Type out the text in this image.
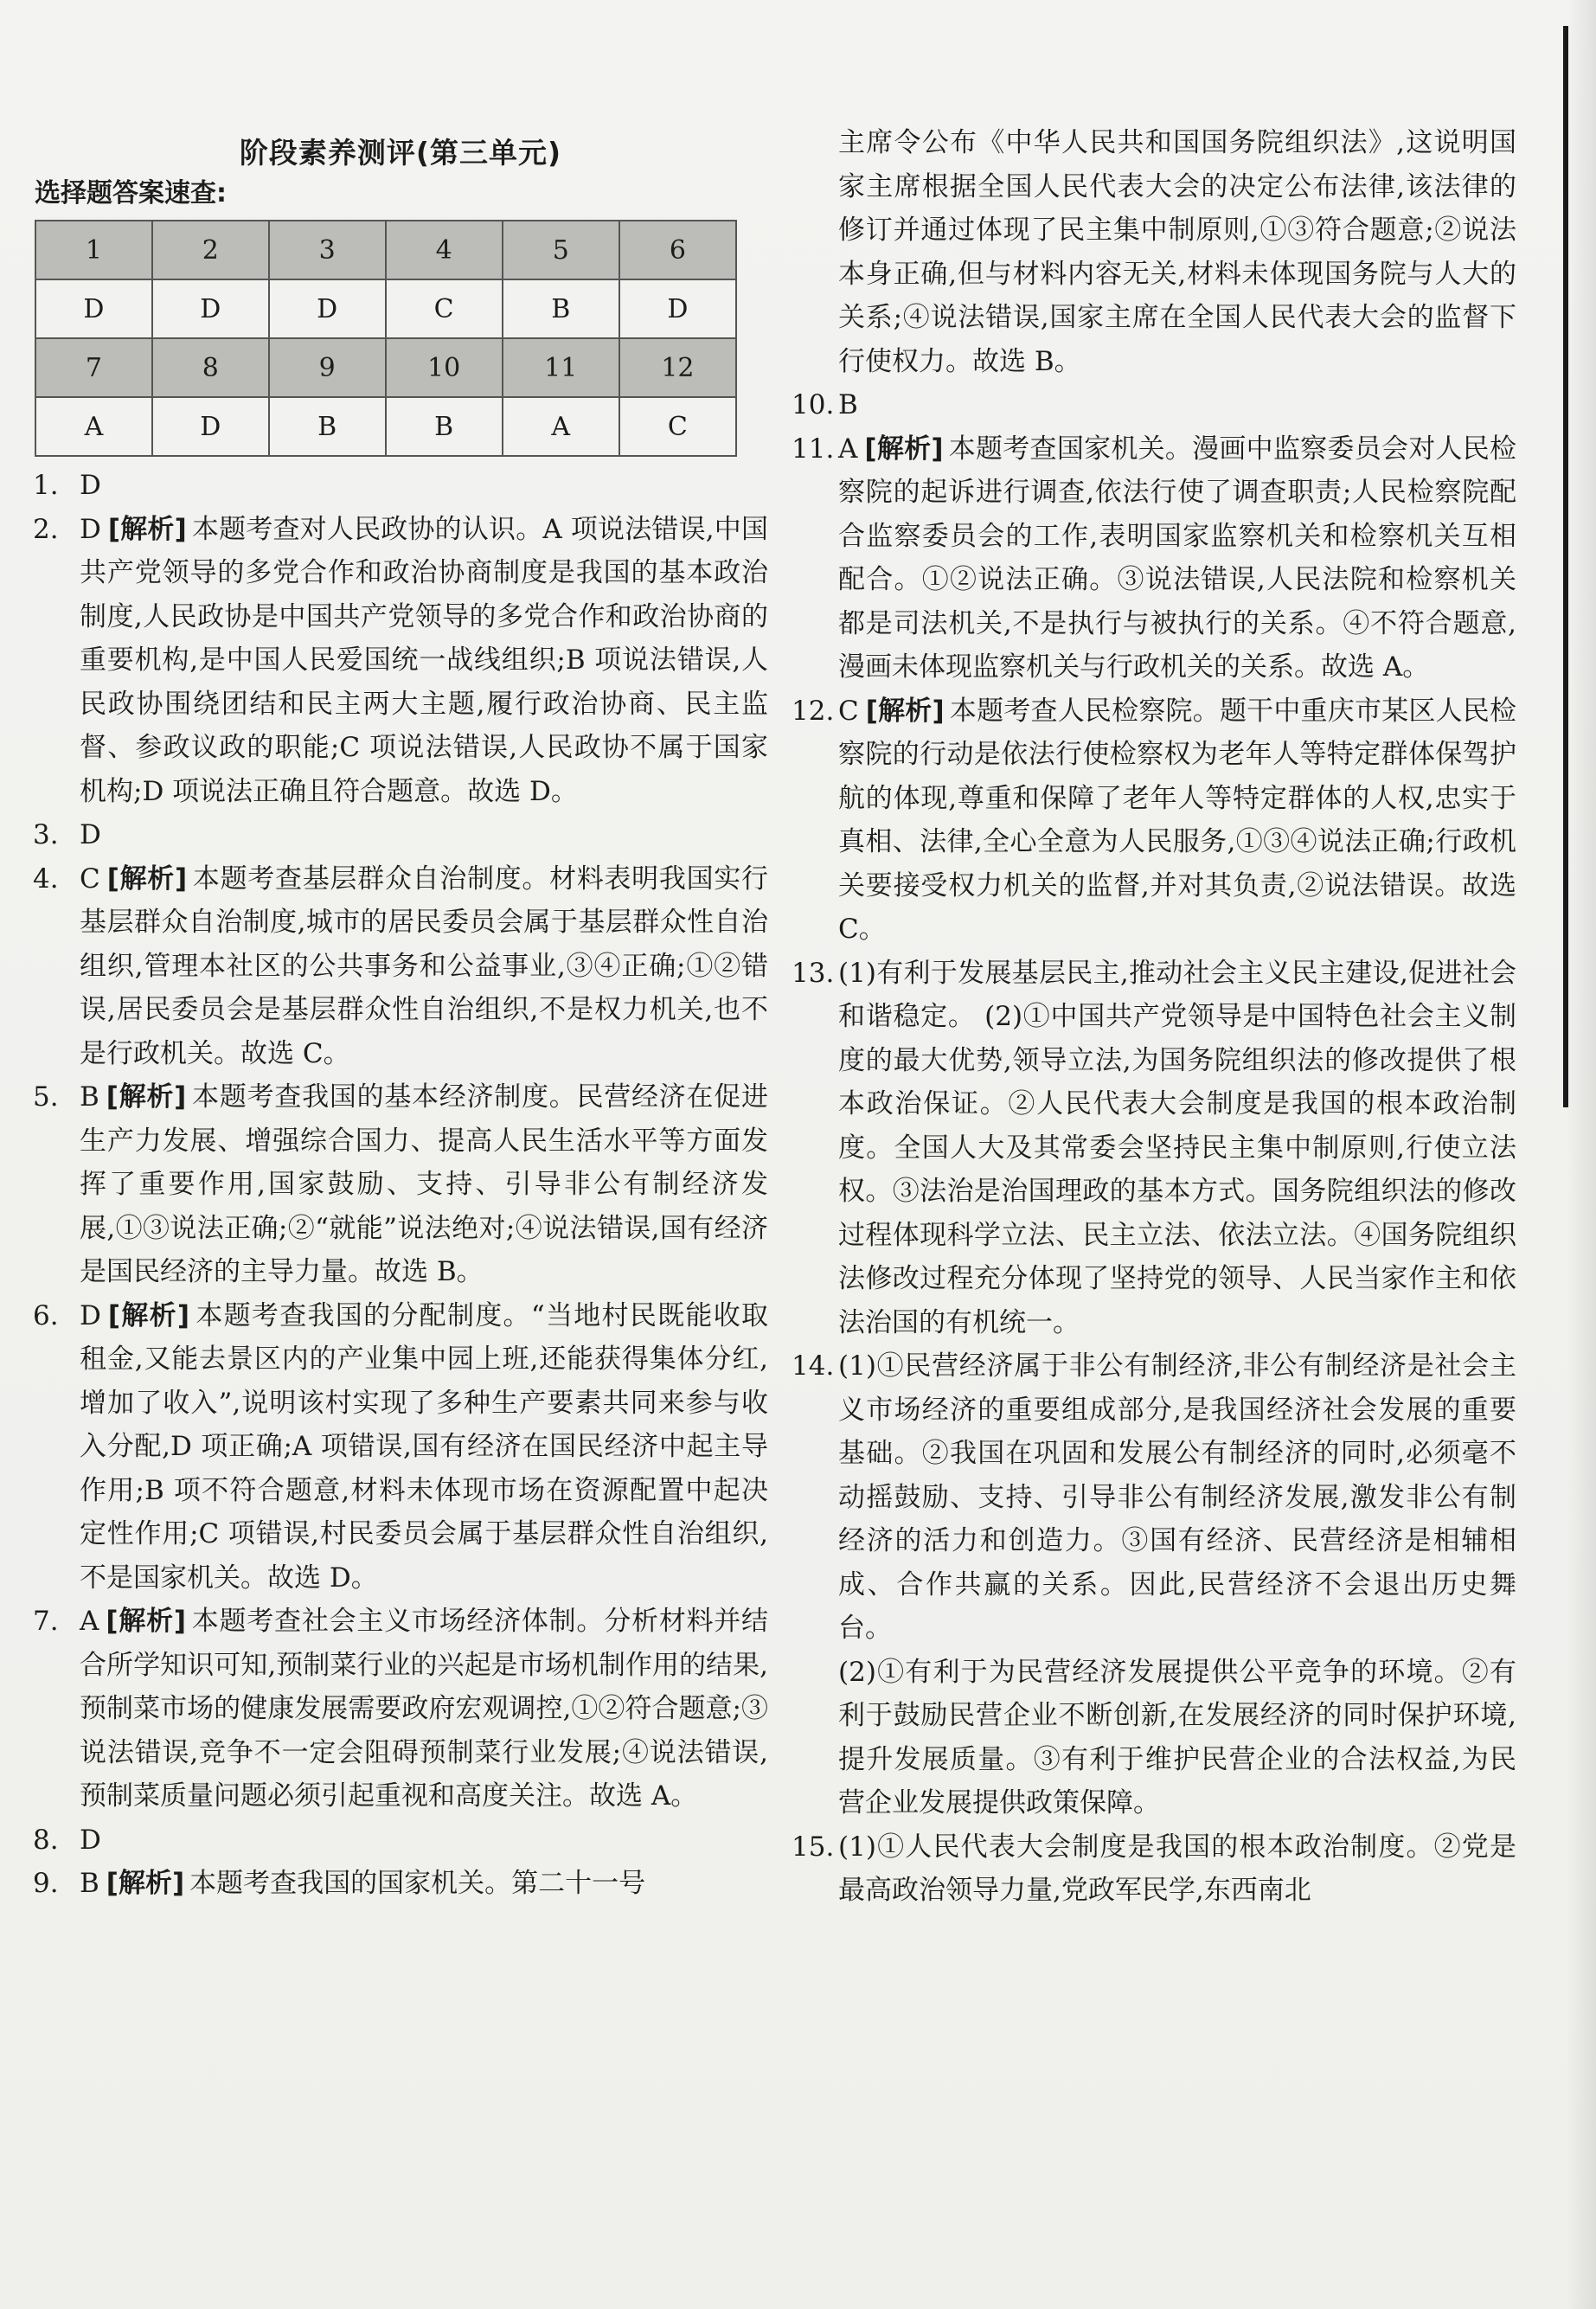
阶段素养测评(第三单元)
选择题答案速查:
1	2	3	4	5	6
D	D	D	C	B	D
7	8	9	10	11	12
A	D	B	B	A	C

1. D

2. D [解析] 本题考查对人民政协的认识。A 项说法错误,中国共产党领导的多党合作和政治协商制度是我国的基本政治制度,人民政协是中国共产党领导的多党合作和政治协商的重要机构,是中国人民爱国统一战线组织;B 项说法错误,人民政协围绕团结和民主两大主题,履行政治协商、民主监督、参政议政的职能;C 项说法错误,人民政协不属于国家机构;D 项说法正确且符合题意。故选 D。

3. D

4. C [解析] 本题考查基层群众自治制度。材料表明我国实行基层群众自治制度,城市的居民委员会属于基层群众性自治组织,管理本社区的公共事务和公益事业,③④正确;①②错误,居民委员会是基层群众性自治组织,不是权力机关,也不是行政机关。故选 C。

5. B [解析] 本题考查我国的基本经济制度。民营经济在促进生产力发展、增强综合国力、提高人民生活水平等方面发挥了重要作用,国家鼓励、支持、引导非公有制经济发展,①③说法正确;②“就能”说法绝对;④说法错误,国有经济是国民经济的主导力量。故选 B。

6. D [解析] 本题考查我国的分配制度。“当地村民既能收取租金,又能去景区内的产业集中园上班,还能获得集体分红,增加了收入”,说明该村实现了多种生产要素共同来参与收入分配,D 项正确;A 项错误,国有经济在国民经济中起主导作用;B 项不符合题意,材料未体现市场在资源配置中起决定性作用;C 项错误,村民委员会属于基层群众性自治组织,不是国家机关。故选 D。

7. A [解析] 本题考查社会主义市场经济体制。分析材料并结合所学知识可知,预制菜行业的兴起是市场机制作用的结果,预制菜市场的健康发展需要政府宏观调控,①②符合题意;③说法错误,竞争不一定会阻碍预制菜行业发展;④说法错误,预制菜质量问题必须引起重视和高度关注。故选 A。

8. D

9. B [解析] 本题考查我国的国家机关。第二十一号

主席令公布《中华人民共和国国务院组织法》,这说明国家主席根据全国人民代表大会的决定公布法律,该法律的修订并通过体现了民主集中制原则,①③符合题意;②说法本身正确,但与材料内容无关,材料未体现国务院与人大的关系;④说法错误,国家主席在全国人民代表大会的监督下行使权力。故选 B。

10. B

11. A [解析] 本题考查国家机关。漫画中监察委员会对人民检察院的起诉进行调查,依法行使了调查职责;人民检察院配合监察委员会的工作,表明国家监察机关和检察机关互相配合。①②说法正确。③说法错误,人民法院和检察机关都是司法机关,不是执行与被执行的关系。④不符合题意,漫画未体现监察机关与行政机关的关系。故选 A。

12. C [解析] 本题考查人民检察院。题干中重庆市某区人民检察院的行动是依法行使检察权为老年人等特定群体保驾护航的体现,尊重和保障了老年人等特定群体的人权,忠实于真相、法律,全心全意为人民服务,①③④说法正确;行政机关要接受权力机关的监督,并对其负责,②说法错误。故选 C。

13. (1)有利于发展基层民主,推动社会主义民主建设,促进社会和谐稳定。 (2)①中国共产党领导是中国特色社会主义制度的最大优势,领导立法,为国务院组织法的修改提供了根本政治保证。②人民代表大会制度是我国的根本政治制度。全国人大及其常委会坚持民主集中制原则,行使立法权。③法治是治国理政的基本方式。国务院组织法的修改过程体现科学立法、民主立法、依法立法。④国务院组织法修改过程充分体现了坚持党的领导、人民当家作主和依法治国的有机统一。

14. (1)①民营经济属于非公有制经济,非公有制经济是社会主义市场经济的重要组成部分,是我国经济社会发展的重要基础。②我国在巩固和发展公有制经济的同时,必须毫不动摇鼓励、支持、引导非公有制经济发展,激发非公有制经济的活力和创造力。③国有经济、民营经济是相辅相成、合作共赢的关系。因此,民营经济不会退出历史舞台。

(2)①有利于为民营经济发展提供公平竞争的环境。②有利于鼓励民营企业不断创新,在发展经济的同时保护环境,提升发展质量。③有利于维护民营企业的合法权益,为民营企业发展提供政策保障。

15. (1)①人民代表大会制度是我国的根本政治制度。②党是最高政治领导力量,党政军民学,东西南北
